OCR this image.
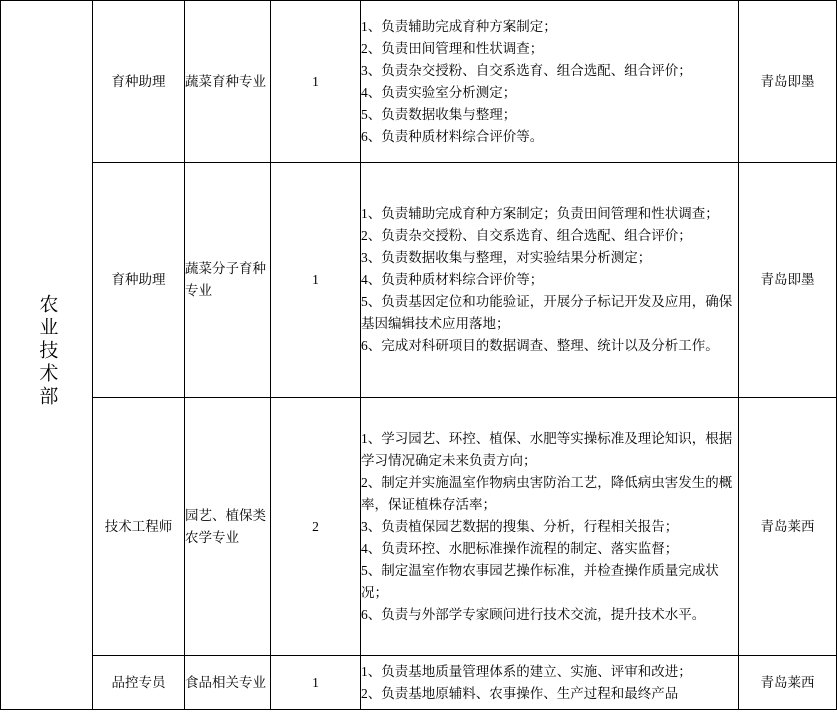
农业技术部	育种助理	蔬菜育种专业	1	

1、负责辅助完成育种方案制定；

2、负责田间管理和性状调查；

3、负责杂交授粉、自交系选育、组合选配、组合评价；

4、负责实验室分析测定；

5、负责数据收集与整理；

6、负责种质材料综合评价等。

	青岛即墨
育种助理	蔬菜分子育种专业	1	

1、负责辅助完成育种方案制定；负责田间管理和性状调查；

2、负责杂交授粉、自交系选育、组合选配、组合评价；

3、负责数据收集与整理，对实验结果分析测定；

4、负责种质材料综合评价等；

5、负责基因定位和功能验证，开展分子标记开发及应用，确保基因编辑技术应用落地；

6、完成对科研项目的数据调查、整理、统计以及分析工作。

	青岛即墨
技术工程师	园艺、植保类农学专业	2	

1、学习园艺、环控、植保、水肥等实操标准及理论知识，根据学习情况确定未来负责方向；

2、制定并实施温室作物病虫害防治工艺，降低病虫害发生的概率，保证植株存活率；

3、负责植保园艺数据的搜集、分析，行程相关报告；

4、负责环控、水肥标准操作流程的制定、落实监督；

5、制定温室作物农事园艺操作标准，并检查操作质量完成状况；

6、负责与外部学专家顾问进行技术交流，提升技术水平。

	青岛莱西
	品控专员	食品相关专业	1	1、负责基地质量管理体系的建立、实施、评审和改进；

2、负责基地原辅料、农事操作、生产过程和最终产品	青岛莱西
